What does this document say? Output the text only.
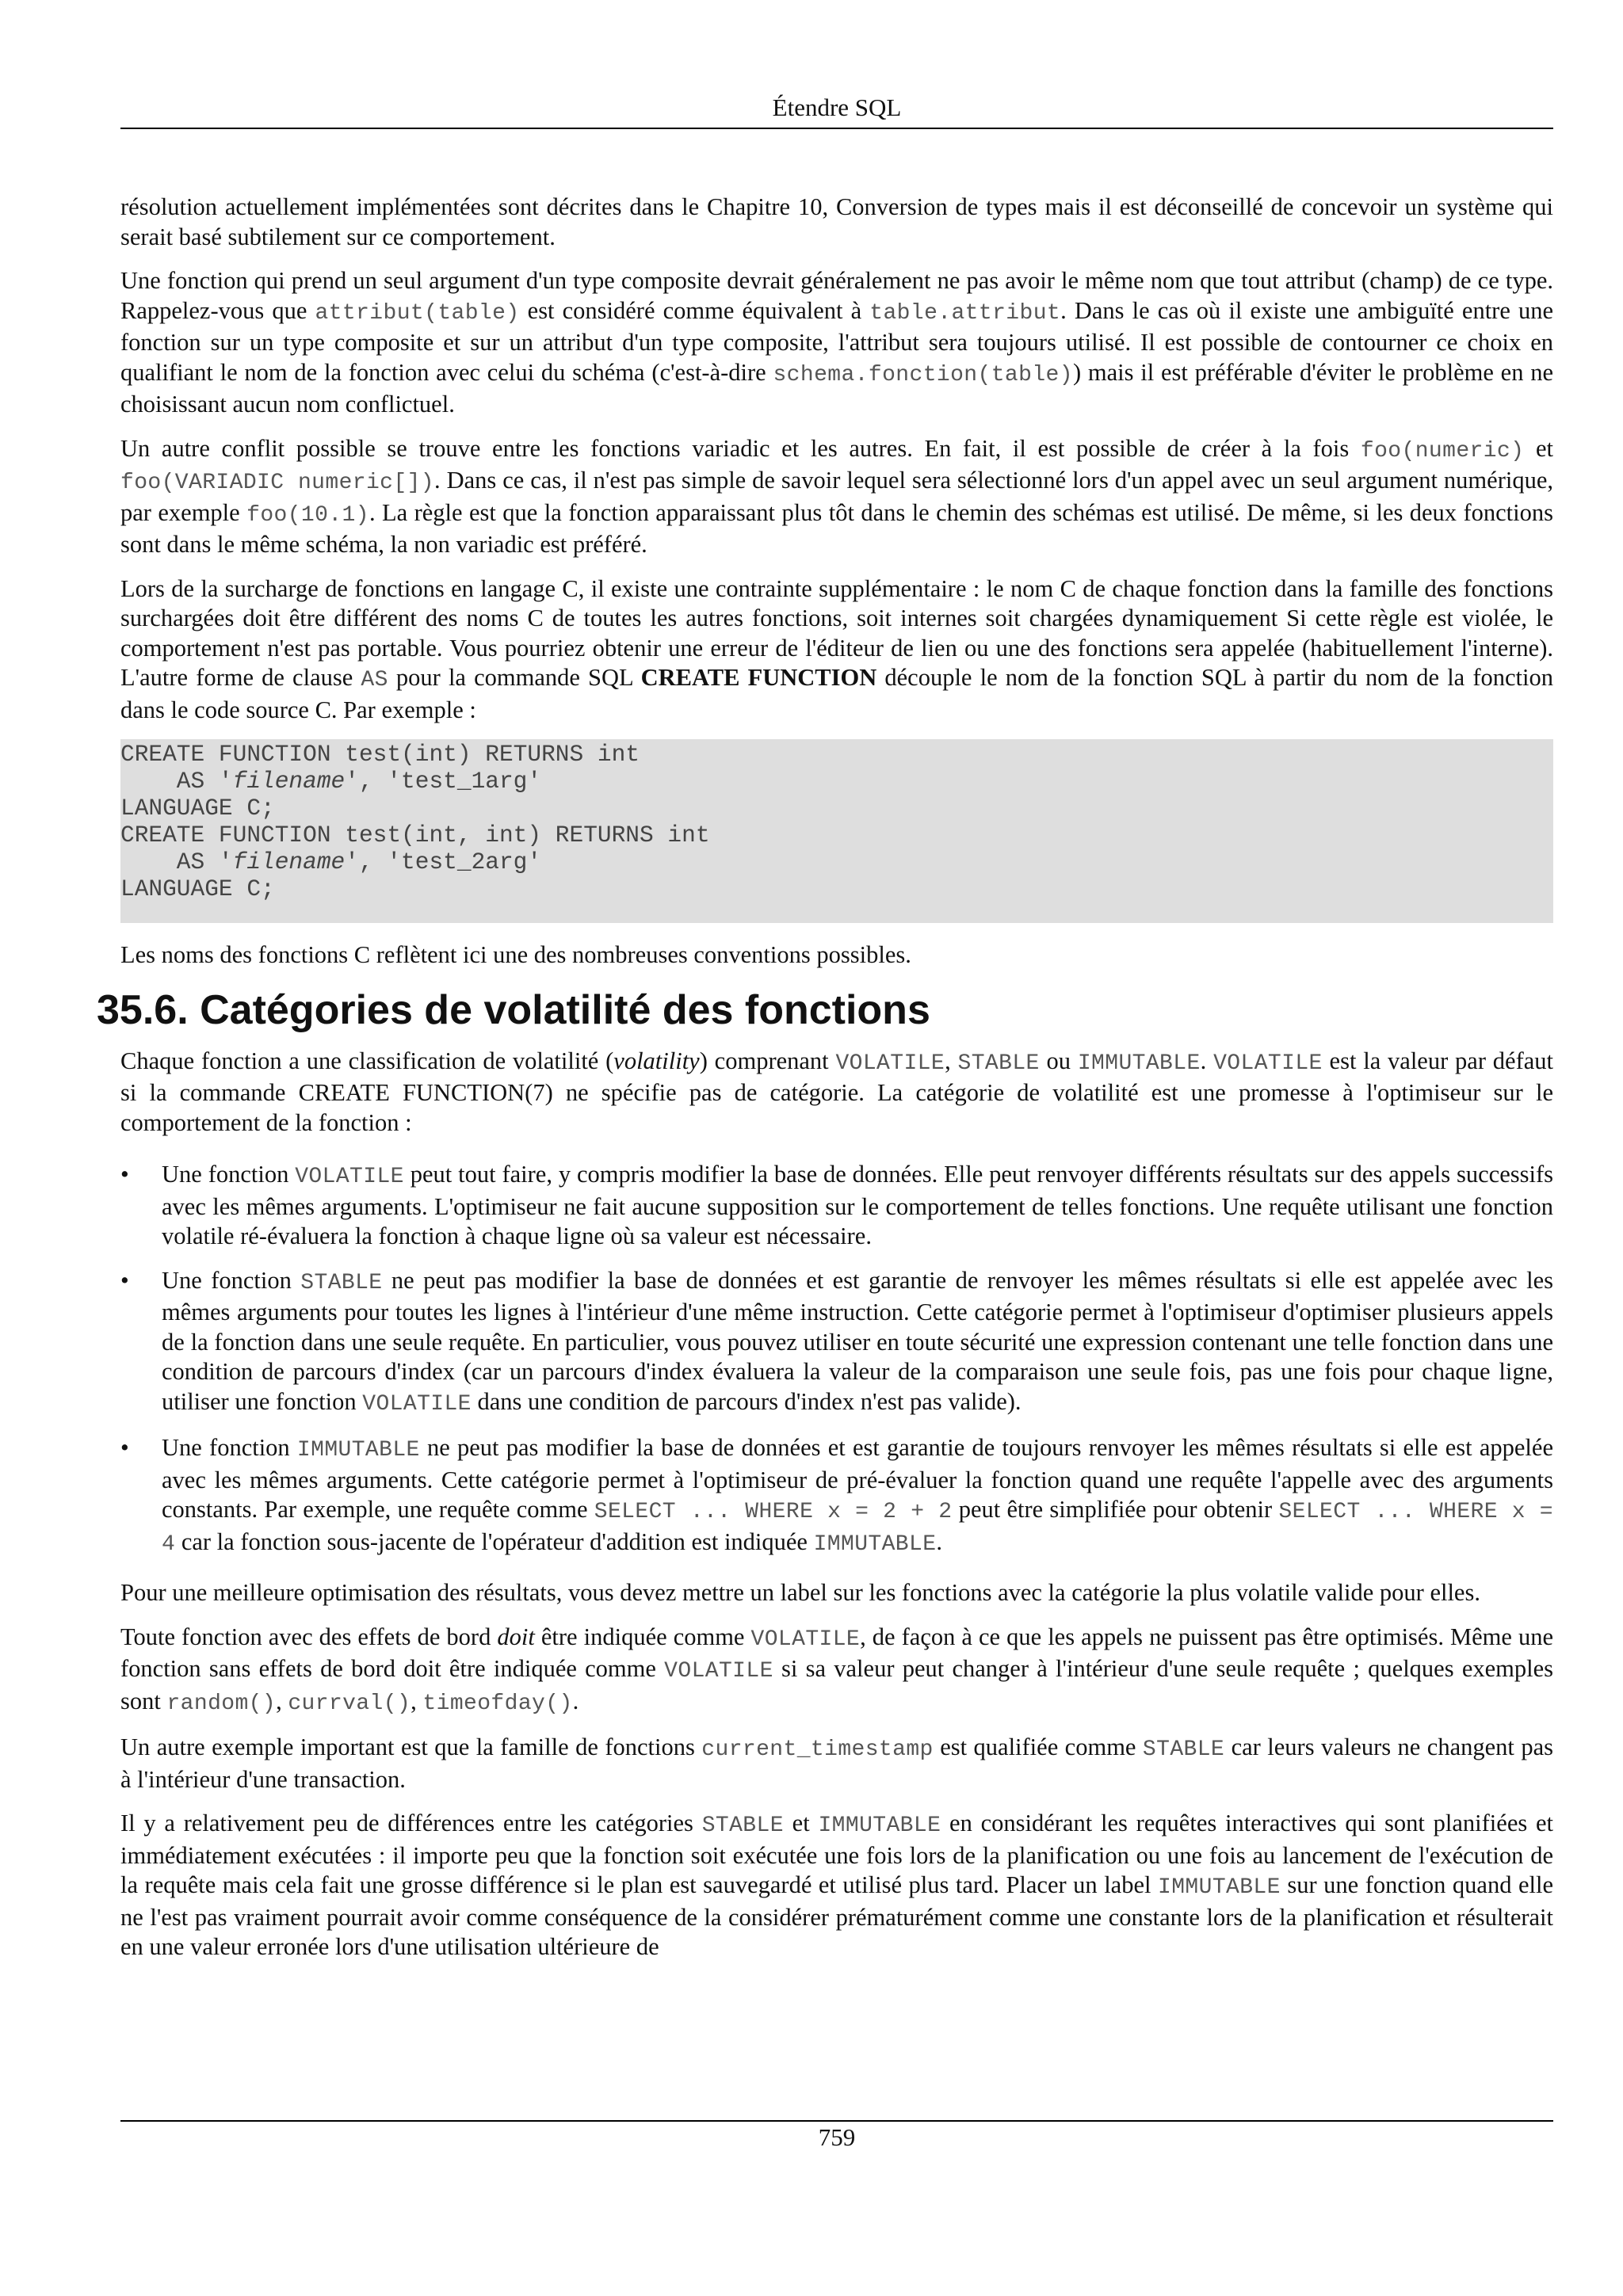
Étendre SQL

résolution actuellement implémentées sont décrites dans le Chapitre 10, Conversion de types mais il est déconseillé de concevoir un système qui serait basé subtilement sur ce comportement.

Une fonction qui prend un seul argument d'un type composite devrait généralement ne pas avoir le même nom que tout attribut (champ) de ce type. Rappelez-vous que attribut(table) est considéré comme équivalent à table.attribut. Dans le cas où il existe une ambiguïté entre une fonction sur un type composite et sur un attribut d'un type composite, l'attribut sera toujours utilisé. Il est possible de contourner ce choix en qualifiant le nom de la fonction avec celui du schéma (c'est-à-dire schema.fonction(table)) mais il est préférable d'éviter le problème en ne choisissant aucun nom conflictuel.

Un autre conflit possible se trouve entre les fonctions variadic et les autres. En fait, il est possible de créer à la fois foo(numeric) et foo(VARIADIC numeric[]). Dans ce cas, il n'est pas simple de savoir lequel sera sélectionné lors d'un appel avec un seul argument numérique, par exemple foo(10.1). La règle est que la fonction apparaissant plus tôt dans le chemin des schémas est utilisé. De même, si les deux fonctions sont dans le même schéma, la non variadic est préféré.

Lors de la surcharge de fonctions en langage C, il existe une contrainte supplémentaire : le nom C de chaque fonction dans la famille des fonctions surchargées doit être différent des noms C de toutes les autres fonctions, soit internes soit chargées dynamiquement Si cette règle est violée, le comportement n'est pas portable. Vous pourriez obtenir une erreur de l'éditeur de lien ou une des fonctions sera appelée (habituellement l'interne). L'autre forme de clause AS pour la commande SQL CREATE FUNCTION découple le nom de la fonction SQL à partir du nom de la fonction dans le code source C. Par exemple :

CREATE FUNCTION test(int) RETURNS int
AS 'filename', 'test_1arg'
LANGUAGE C;
CREATE FUNCTION test(int, int) RETURNS int
AS 'filename', 'test_2arg'
LANGUAGE C;

Les noms des fonctions C reflètent ici une des nombreuses conventions possibles.

35.6. Catégories de volatilité des fonctions

Chaque fonction a une classification de volatilité (volatility) comprenant VOLATILE, STABLE ou IMMUTABLE. VOLATILE est la valeur par défaut si la commande CREATE FUNCTION(7) ne spécifie pas de catégorie. La catégorie de volatilité est une promesse à l'optimiseur sur le comportement de la fonction :

• Une fonction VOLATILE peut tout faire, y compris modifier la base de données. Elle peut renvoyer différents résultats sur des appels successifs avec les mêmes arguments. L'optimiseur ne fait aucune supposition sur le comportement de telles fonctions. Une requête utilisant une fonction volatile ré-évaluera la fonction à chaque ligne où sa valeur est nécessaire.

• Une fonction STABLE ne peut pas modifier la base de données et est garantie de renvoyer les mêmes résultats si elle est appelée avec les mêmes arguments pour toutes les lignes à l'intérieur d'une même instruction. Cette catégorie permet à l'optimiseur d'optimiser plusieurs appels de la fonction dans une seule requête. En particulier, vous pouvez utiliser en toute sécurité une expression contenant une telle fonction dans une condition de parcours d'index (car un parcours d'index évaluera la valeur de la comparaison une seule fois, pas une fois pour chaque ligne, utiliser une fonction VOLATILE dans une condition de parcours d'index n'est pas valide).

• Une fonction IMMUTABLE ne peut pas modifier la base de données et est garantie de toujours renvoyer les mêmes résultats si elle est appelée avec les mêmes arguments. Cette catégorie permet à l'optimiseur de pré-évaluer la fonction quand une requête l'appelle avec des arguments constants. Par exemple, une requête comme SELECT ... WHERE x = 2 + 2 peut être simplifiée pour obtenir SELECT ... WHERE x = 4 car la fonction sous-jacente de l'opérateur d'addition est indiquée IMMUTABLE.

Pour une meilleure optimisation des résultats, vous devez mettre un label sur les fonctions avec la catégorie la plus volatile valide pour elles.

Toute fonction avec des effets de bord doit être indiquée comme VOLATILE, de façon à ce que les appels ne puissent pas être optimisés. Même une fonction sans effets de bord doit être indiquée comme VOLATILE si sa valeur peut changer à l'intérieur d'une seule requête ; quelques exemples sont random(), currval(), timeofday().

Un autre exemple important est que la famille de fonctions current_timestamp est qualifiée comme STABLE car leurs valeurs ne changent pas à l'intérieur d'une transaction.

Il y a relativement peu de différences entre les catégories STABLE et IMMUTABLE en considérant les requêtes interactives qui sont planifiées et immédiatement exécutées : il importe peu que la fonction soit exécutée une fois lors de la planification ou une fois au lancement de l'exécution de la requête mais cela fait une grosse différence si le plan est sauvegardé et utilisé plus tard. Placer un label IMMUTABLE sur une fonction quand elle ne l'est pas vraiment pourrait avoir comme conséquence de la considérer prématurément comme une constante lors de la planification et résulterait en une valeur erronée lors d'une utilisation ultérieure de

759
